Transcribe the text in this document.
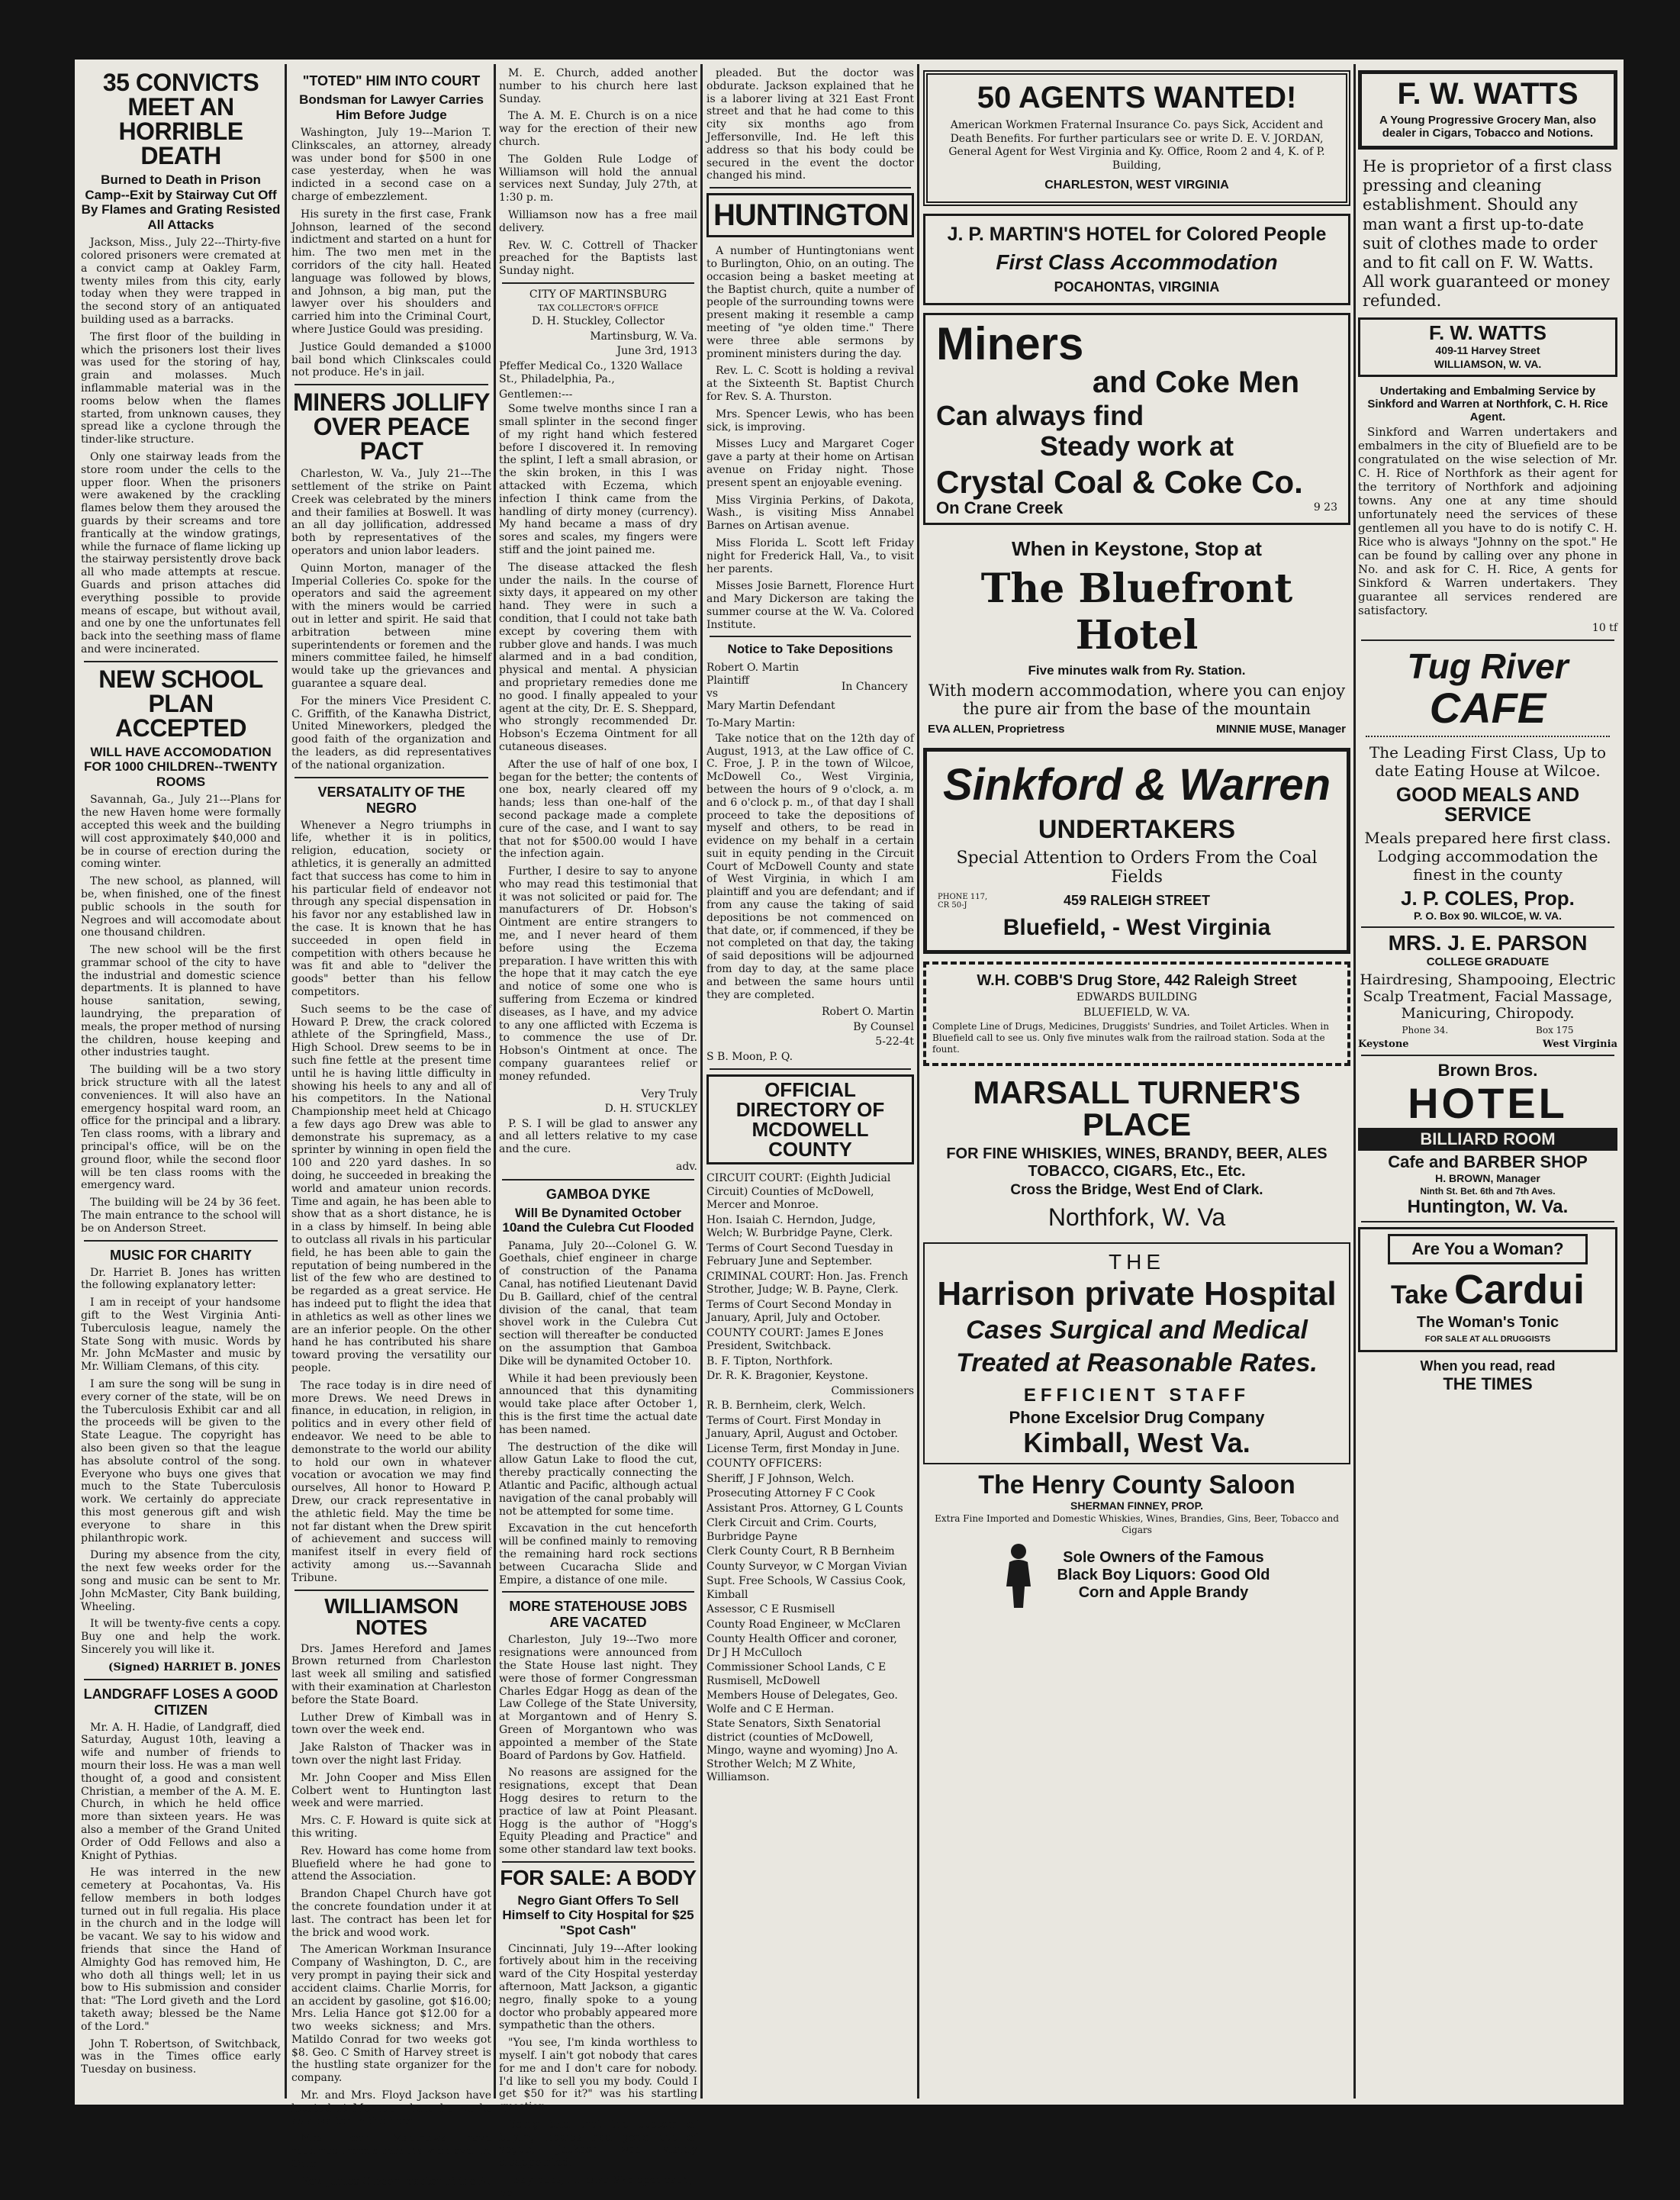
35 CONVICTS MEET AN HORRIBLE DEATH
Burned to Death in Prison Camp--Exit by Stairway Cut Off By Flames and Grating Resisted All Attacks

Jackson, Miss., July 22---Thirty-five colored prisoners were cremated at a convict camp at Oakley Farm, twenty miles from this city, early today when they were trapped in the second story of an antiquated building used as a barracks.

The first floor of the building in which the prisoners lost their lives was used for the storing of hay, grain and molasses. Much inflammable material was in the rooms below when the flames started, from unknown causes, they spread like a cyclone through the tinder-like structure.

Only one stairway leads from the store room under the cells to the upper floor. When the prisoners were awakened by the crackling flames below them they aroused the guards by their screams and tore frantically at the window gratings, while the furnace of flame licking up the stairway persistently drove back all who made attempts at rescue. Guards and prison attaches did everything possible to provide means of escape, but without avail, and one by one the unfortunates fell back into the seething mass of flame and were incinerated.

NEW SCHOOL PLAN ACCEPTED
WILL HAVE ACCOMODATION FOR 1000 CHILDREN--TWENTY ROOMS

Savannah, Ga., July 21---Plans for the new Haven home were formally accepted this week and the building will cost approximately $40,000 and be in course of erection during the coming winter.

The new school, as planned, will be, when finished, one of the finest public schools in the south for Negroes and will accomodate about one thousand children.

The new school will be the first grammar school of the city to have the industrial and domestic science departments. It is planned to have house sanitation, sewing, laundrying, the preparation of meals, the proper method of nursing the children, house keeping and other industries taught.

The building will be a two story brick structure with all the latest conveniences. It will also have an emergency hospital ward room, an office for the principal and a library. Ten class rooms, with a library and principal's office, will be on the ground floor, while the second floor will be ten class rooms with the emergency ward.

The building will be 24 by 36 feet. The main entrance to the school will be on Anderson Street.

MUSIC FOR CHARITY

Dr. Harriet B. Jones has written the following explanatory letter:

I am in receipt of your handsome gift to the West Virginia Anti-Tuberculosis league, namely the State Song with music. Words by Mr. John McMaster and music by Mr. William Clemans, of this city.

I am sure the song will be sung in every corner of the state, will be on the Tuberculosis Exhibit car and all the proceeds will be given to the State League. The copyright has also been given so that the league has absolute control of the song. Everyone who buys one gives that much to the State Tuberculosis work. We certainly do appreciate this most generous gift and wish everyone to share in this philanthropic work.

During my absence from the city, the next few weeks order for the song and music can be sent to Mr. John McMaster, City Bank building, Wheeling.

It will be twenty-five cents a copy. Buy one and help the work. Sincerely you will like it.

(Signed) HARRIET B. JONES

LANDGRAFF LOSES A GOOD CITIZEN

Mr. A. H. Hadie, of Landgraff, died Saturday, August 10th, leaving a wife and number of friends to mourn their loss. He was a man well thought of, a good and consistent Christian, a member of the A. M. E. Church, in which he held office more than sixteen years. He was also a member of the Grand United Order of Odd Fellows and also a Knight of Pythias.

He was interred in the new cemetery at Pocahontas, Va. His fellow members in both lodges turned out in full regalia. His place in the church and in the lodge will be vacant. We say to his widow and friends that since the Hand of Almighty God has removed him, He who doth all things well; let in us bow to His submission and consider that: "The Lord giveth and the Lord taketh away; blessed be the Name of the Lord."

John T. Robertson, of Switchback, was in the Times office early Tuesday on business.

"TOTED" HIM INTO COURT
Bondsman for Lawyer Carries Him Before Judge

Washington, July 19---Marion T. Clinkscales, an attorney, already was under bond for $500 in one case yesterday, when he was indicted in a second case on a charge of embezzlement.

His surety in the first case, Frank Johnson, learned of the second indictment and started on a hunt for him. The two men met in the corridors of the city hall. Heated language was followed by blows, and Johnson, a big man, put the lawyer over his shoulders and carried him into the Criminal Court, where Justice Gould was presiding.

Justice Gould demanded a $1000 bail bond which Clinkscales could not produce. He's in jail.

MINERS JOLLIFY OVER PEACE PACT

Charleston, W. Va., July 21---The settlement of the strike on Paint Creek was celebrated by the miners and their families at Boswell. It was an all day jollification, addressed both by representatives of the operators and union labor leaders.

Quinn Morton, manager of the Imperial Colleries Co. spoke for the operators and said the agreement with the miners would be carried out in letter and spirit. He said that arbitration between mine superintendents or foremen and the miners committee failed, he himself would take up the grievances and guarantee a square deal.

For the miners Vice President C. C. Griffith, of the Kanawha District, United Mineworkers, pledged the good faith of the organization and the leaders, as did representatives of the national organization.

VERSATALITY OF THE NEGRO

Whenever a Negro triumphs in life, whether it is in politics, religion, education, society or athletics, it is generally an admitted fact that success has come to him in his particular field of endeavor not through any special dispensation in his favor nor any established law in the case. It is known that he has succeeded in open field in competition with others because he was fit and able to "deliver the goods" better than his fellow competitors.

Such seems to be the case of Howard P. Drew, the crack colored athlete of the Springfield, Mass., High School. Drew seems to be in such fine fettle at the present time until he is having little difficulty in showing his heels to any and all of his competitors. In the National Championship meet held at Chicago a few days ago Drew was able to demonstrate his supremacy, as a sprinter by winning in open field the 100 and 220 yard dashes. In so doing, he succeeded in breaking the world and amateur union records. Time and again, he has been able to show that as a short distance, he is in a class by himself. In being able to outclass all rivals in his particular field, he has been able to gain the reputation of being numbered in the list of the few who are destined to be regarded as a great service. He has indeed put to flight the idea that in athletics as well as other lines we are an inferior people. On the other hand he has contributed his share toward proving the versatility our people.

The race today is in dire need of more Drews. We need Drews in finance, in education, in religion, in politics and in every other field of endeavor. We need to be able to demonstrate to the world our ability to hold our own in whatever vocation or avocation we may find ourselves, All honor to Howard P. Drew, our crack representative in the athletic field. May the time be not far distant when the Drew spirit of achievement and success will manifest itself in every field of activity among us.---Savannah Tribune.

WILLIAMSON NOTES

Drs. James Hereford and James Brown returned from Charleston last week all smiling and satisfied with their examination at Charleston before the State Board.

Luther Drew of Kimball was in town over the week end.

Jake Ralston of Thacker was in town over the night last Friday.

Mr. John Cooper and Miss Ellen Colbert went to Huntington last week and were married.

Mrs. C. F. Howard is quite sick at this writing.

Rev. Howard has come home from Bluefield where he had gone to attend the Association.

Brandon Chapel Church have got the concrete foundation under it at last. The contract has been let for the brick and wood work.

The American Workman Insurance Company of Washington, D. C., are very prompt in paying their sick and accident claims. Charlie Morris, for an accident by gasoline, got $16.00; Mrs. Lelia Hance got $12.00 for a two weeks sickness; and Mrs. Matildo Conrad for two weeks got $8. Geo. C Smith of Harvey street is the hustling state organizer for the company.

Mr. and Mrs. Floyd Jackson have located at Monroe where he works as a waiter in the hotel.

Mrs. Pearl Matthews have returned from a months visit over in Ohio.

Rev. James Gibson, pastor of the A.

M. E. Church, added another number to his church here last Sunday.

The A. M. E. Church is on a nice way for the erection of their new church.

The Golden Rule Lodge of Williamson will hold the annual services next Sunday, July 27th, at 1:30 p. m.

Williamson now has a free mail delivery.

Rev. W. C. Cottrell of Thacker preached for the Baptists last Sunday night.

CITY OF MARTINSBURG
TAX COLLECTOR'S OFFICE
D. H. Stuckley, Collector
Martinsburg, W. Va.
June 3rd, 1913
Pfeffer Medical Co., 1320 Wallace St., Philadelphia, Pa.,
Gentlemen:---

Some twelve months since I ran a small splinter in the second finger of my right hand which festered before I discovered it. In removing the splint, I left a small abrasion, or the skin broken, in this I was attacked with Eczema, which infection I think came from the handling of dirty money (currency). My hand became a mass of dry sores and scales, my fingers were stiff and the joint pained me.

The disease attacked the flesh under the nails. In the course of sixty days, it appeared on my other hand. They were in such a condition, that I could not take bath except by covering them with rubber glove and hands. I was much alarmed and in a bad condition, physical and mental. A physician and proprietary remedies done me no good. I finally appealed to your agent at the city, Dr. E. S. Sheppard, who strongly recommended Dr. Hobson's Eczema Ointment for all cutaneous diseases.

After the use of half of one box, I began for the better; the contents of one box, nearly cleared off my hands; less than one-half of the second package made a complete cure of the case, and I want to say that not for $500.00 would I have the infection again.

Further, I desire to say to anyone who may read this testimonial that it was not solicited or paid for. The manufacturers of Dr. Hobson's Ointment are entire strangers to me, and I never heard of them before using the Eczema preparation. I have written this with the hope that it may catch the eye and notice of some one who is suffering from Eczema or kindred diseases, as I have, and my advice to any one afflicted with Eczema is to commence the use of Dr. Hobson's Ointment at once. The company guarantees relief or money refunded.

Very Truly
D. H. STUCKLEY

P. S. I will be glad to answer any and all letters relative to my case and the cure.

adv.
GAMBOA DYKE
Will Be Dynamited October 10and the Culebra Cut Flooded

Panama, July 20---Colonel G. W. Goethals, chief engineer in charge of construction of the Panama Canal, has notified Lieutenant David Du B. Gaillard, chief of the central division of the canal, that team shovel work in the Culebra Cut section will thereafter be conducted on the assumption that Gamboa Dike will be dynamited October 10.

While it had been previously been announced that this dynamiting would take place after October 1, this is the first time the actual date has been named.

The destruction of the dike will allow Gatun Lake to flood the cut, thereby practically connecting the Atlantic and Pacific, although actual navigation of the canal probably will not be attempted for some time.

Excavation in the cut henceforth will be confined mainly to removing the remaining hard rock sections between Cucaracha Slide and Empire, a distance of one mile.

MORE STATEHOUSE JOBS ARE VACATED

Charleston, July 19---Two more resignations were announced from the State House last night. They were those of former Congressman Charles Edgar Hogg as dean of the Law College of the State University, at Morgantown and of Henry S. Green of Morgantown who was appointed a member of the State Board of Pardons by Gov. Hatfield.

No reasons are assigned for the resignations, except that Dean Hogg desires to return to the practice of law at Point Pleasant. Hogg is the author of "Hogg's Equity Pleading and Practice" and some other standard law text books.

FOR SALE: A BODY
Negro Giant Offers To Sell Himself to City Hospital for $25 "Spot Cash"

Cincinnati, July 19---After looking fortively about him in the receiving ward of the City Hospital yesterday afternoon, Matt Jackson, a gigantic negro, finally spoke to a young doctor who probably appeared more sympathetic than the others.

"You see, I'm kinda worthless to myself. I ain't got nobody that cares for me and I don't care for nobody. I'd like to sell you my body. Could I get $50 for it?" was his startling question.

Being told that the custom of buying bodies had gone out of vogue, Jackson was visibly disappointed.

"Say boss, I'll take $25 spot cash," he

pleaded. But the doctor was obdurate. Jackson explained that he is a laborer living at 321 East Front street and that he had come to this city six months ago from Jeffersonville, Ind. He left this address so that his body could be secured in the event the doctor changed his mind.

HUNTINGTON

A number of Huntingtonians went to Burlington, Ohio, on an outing. The occasion being a basket meeting at the Baptist church, quite a number of people of the surrounding towns were present making it resemble a camp meeting of "ye olden time." There were three able sermons by prominent ministers during the day.

Rev. L. C. Scott is holding a revival at the Sixteenth St. Baptist Church for Rev. S. A. Thurston.

Mrs. Spencer Lewis, who has been sick, is improving.

Misses Lucy and Margaret Coger gave a party at their home on Artisan avenue on Friday night. Those present spent an enjoyable evening.

Miss Virginia Perkins, of Dakota, Wash., is visiting Miss Annabel Barnes on Artisan avenue.

Miss Florida L. Scott left Friday night for Frederick Hall, Va., to visit her parents.

Misses Josie Barnett, Florence Hurt and Mary Dickerson are taking the summer course at the W. Va. Colored Institute.

Notice to Take Depositions
Robert O. Martin Plaintiff
vs
Mary Martin Defendant
In Chancery
To-Mary Martin:

Take notice that on the 12th day of August, 1913, at the Law office of C. C. Froe, J. P. in the town of Wilcoe, McDowell Co., West Virginia, between the hours of 9 o'clock, a. m and 6 o'clock p. m., of that day I shall proceed to take the depositions of myself and others, to be read in evidence on my behalf in a certain suit in equity pending in the Circuit Court of McDowell County and state of West Virginia, in which I am plaintiff and you are defendant; and if from any cause the taking of said depositions be not commenced on that date, or, if commenced, if they be not completed on that day, the taking of said depositions will be adjourned from day to day, at the same place and between the same hours until they are completed.

Robert O. Martin
By Counsel
5-22-4t
S B. Moon, P. Q.
OFFICIAL DIRECTORY OF MCDOWELL COUNTY
CIRCUIT COURT: (Eighth Judicial Circuit) Counties of McDowell, Mercer and Monroe.
Hon. Isaiah C. Herndon, Judge, Welch; W. Burbridge Payne, Clerk.
Terms of Court Second Tuesday in February June and September.
CRIMINAL COURT: Hon. Jas. French Strother, Judge; W. B. Payne, Clerk.
Terms of Court Second Monday in January, April, July and October.
COUNTY COURT: James E Jones President, Switchback.
B. F. Tipton, Northfork.
Dr. R. K. Bragonier, Keystone.
Commissioners
R. B. Bernheim, clerk, Welch.
Terms of Court. First Monday in January, April, August and October.
License Term, first Monday in June.
COUNTY OFFICERS:
Sheriff, J F Johnson, Welch.
Prosecuting Attorney F C Cook
Assistant Pros. Attorney, G L Counts
Clerk Circuit and Crim. Courts, Burbridge Payne
Clerk County Court, R B Bernheim
County Surveyor, w C Morgan Vivian
Supt. Free Schools, W Cassius Cook, Kimball
Assessor, C E Rusmisell
County Road Engineer, w McClaren
County Health Officer and coroner, Dr J H McCulloch
Commissioner School Lands, C E Rusmisell, McDowell
Members House of Delegates, Geo. Wolfe and C E Herman.
State Senators, Sixth Senatorial district (counties of McDowell, Mingo, wayne and wyoming) Jno A. Strother Welch; M Z White, Williamson.
50 AGENTS WANTED!
American Workmen Fraternal Insurance Co. pays Sick, Accident and Death Benefits. For further particulars see or write D. E. V. JORDAN, General Agent for West Virginia and Ky. Office, Room 2 and 4, K. of P. Building,
CHARLESTON, WEST VIRGINIA
J. P. MARTIN'S HOTEL for Colored People
First Class Accommodation
POCAHONTAS, VIRGINIA
Miners
and Coke Men
Can always find
Steady work at
Crystal Coal & Coke Co.
On Crane Creek	9 23
When in Keystone, Stop at
The Bluefront Hotel
Five minutes walk from Ry. Station.
With modern accommodation, where you can enjoy the pure air from the base of the mountain
EVA ALLEN, Proprietress	MINNIE MUSE, Manager
Sinkford & Warren
UNDERTAKERS
Special Attention to Orders From the Coal Fields
PHONE 117, CR 50-J	459 RALEIGH STREET
Bluefield, - West Virginia
W.H. COBB'S Drug Store, 442 Raleigh Street
EDWARDS BUILDING
BLUEFIELD, W. VA.
Complete Line of Drugs, Medicines, Druggists' Sundries, and Toilet Articles. When in Bluefield call to see us. Only five minutes walk from the railroad station. Soda at the fount.
MARSALL TURNER'S PLACE
FOR FINE WHISKIES, WINES, BRANDY, BEER, ALES TOBACCO, CIGARS, Etc., Etc.
Cross the Bridge, West End of Clark.
Northfork, W. Va
THE
Harrison private Hospital
Cases Surgical and Medical Treated at Reasonable Rates.
EFFICIENT STAFF
Phone Excelsior Drug Company
Kimball, West Va.
The Henry County Saloon
SHERMAN FINNEY, PROP.
Extra Fine Imported and Domestic Whiskies, Wines, Brandies, Gins, Beer, Tobacco and Cigars
Sole Owners of the Famous Black Boy Liquors: Good Old Corn and Apple Brandy
F. W. WATTS
A Young Progressive Grocery Man, also dealer in Cigars, Tobacco and Notions.
He is proprietor of a first class pressing and cleaning establishment. Should any man want a first up-to-date suit of clothes made to order and to fit call on F. W. Watts. All work guaranteed or money refunded.
F. W. WATTS
409-11 Harvey Street
WILLIAMSON, W. VA.
Undertaking and Embalming Service by Sinkford and Warren at Northfork, C. H. Rice Agent.

Sinkford and Warren undertakers and embalmers in the city of Bluefield are to be congratulated on the wise selection of Mr. C. H. Rice of Northfork as their agent for the territory of Northfork and adjoining towns. Any one at any time should unfortunately need the services of these gentlemen all you have to do is notify C. H. Rice who is always "Johnny on the spot." He can be found by calling over any phone in No. and ask for C. H. Rice, A gents for Sinkford & Warren undertakers. They guarantee all services rendered are satisfactory.

10 tf
Tug River
CAFE
The Leading First Class, Up to date Eating House at Wilcoe.
GOOD MEALS AND SERVICE
Meals prepared here first class. Lodging accommodation the finest in the county
J. P. COLES, Prop.
P. O. Box 90. WILCOE, W. VA.
MRS. J. E. PARSON
COLLEGE GRADUATE
Hairdresing, Shampooing, Electric Scalp Treatment, Facial Massage, Manicuring, Chiropody.
Phone 34.	Box 175
Keystone	West Virginia
Brown Bros.
HOTEL
BILLIARD ROOM
Cafe and BARBER SHOP
H. BROWN, Manager
Ninth St. Bet. 6th and 7th Aves.
Huntington, W. Va.
Are You a Woman?
Take Cardui
The Woman's Tonic
FOR SALE AT ALL DRUGGISTS
When you read, read
THE TIMES
